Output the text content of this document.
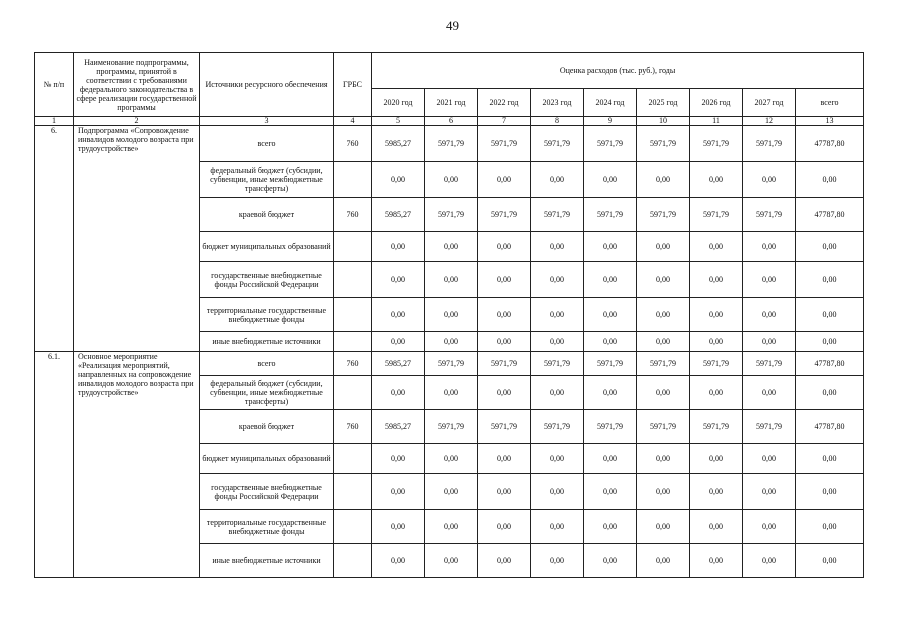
49
№ п/п	Наименование подпрограммы, программы, принятой в соответствии с требованиями федерального законодательства в сфере реализации государственной программы	Источники ресурсного обеспечения	ГРБС	Оценка расходов (тыс. руб.), годы								
				2020 год	2021 год	2022 год	2023 год	2024 год	2025 год	2026 год	2027 год	всего
1	2	3	4	5	6	7	8	9	10	11	12	13
6.	Подпрограмма «Сопровождение инвалидов молодого возраста при трудоустройстве»	всего	760	5985,27	5971,79	5971,79	5971,79	5971,79	5971,79	5971,79	5971,79	47787,80
		федеральный бюджет (субсидии, субвенции, иные межбюджетные трансферты)		0,00	0,00	0,00	0,00	0,00	0,00	0,00	0,00	0,00
		краевой бюджет	760	5985,27	5971,79	5971,79	5971,79	5971,79	5971,79	5971,79	5971,79	47787,80
		бюджет муниципальных образований		0,00	0,00	0,00	0,00	0,00	0,00	0,00	0,00	0,00
		государственные внебюджетные фонды Российской Федерации		0,00	0,00	0,00	0,00	0,00	0,00	0,00	0,00	0,00
		территориальные государственные внебюджетные фонды		0,00	0,00	0,00	0,00	0,00	0,00	0,00	0,00	0,00
		иные внебюджетные источники		0,00	0,00	0,00	0,00	0,00	0,00	0,00	0,00	0,00
6.1.	Основное мероприятие «Реализация мероприятий, направленных на сопровождение инвалидов молодого возраста при трудоустройстве»	всего	760	5985,27	5971,79	5971,79	5971,79	5971,79	5971,79	5971,79	5971,79	47787,80
		федеральный бюджет (субсидии, субвенции, иные межбюджетные трансферты)		0,00	0,00	0,00	0,00	0,00	0,00	0,00	0,00	0,00
		краевой бюджет	760	5985,27	5971,79	5971,79	5971,79	5971,79	5971,79	5971,79	5971,79	47787,80
		бюджет муниципальных образований		0,00	0,00	0,00	0,00	0,00	0,00	0,00	0,00	0,00
		государственные внебюджетные фонды Российской Федерации		0,00	0,00	0,00	0,00	0,00	0,00	0,00	0,00	0,00
		территориальные государственные внебюджетные фонды		0,00	0,00	0,00	0,00	0,00	0,00	0,00	0,00	0,00
		иные внебюджетные источники		0,00	0,00	0,00	0,00	0,00	0,00	0,00	0,00	0,00
